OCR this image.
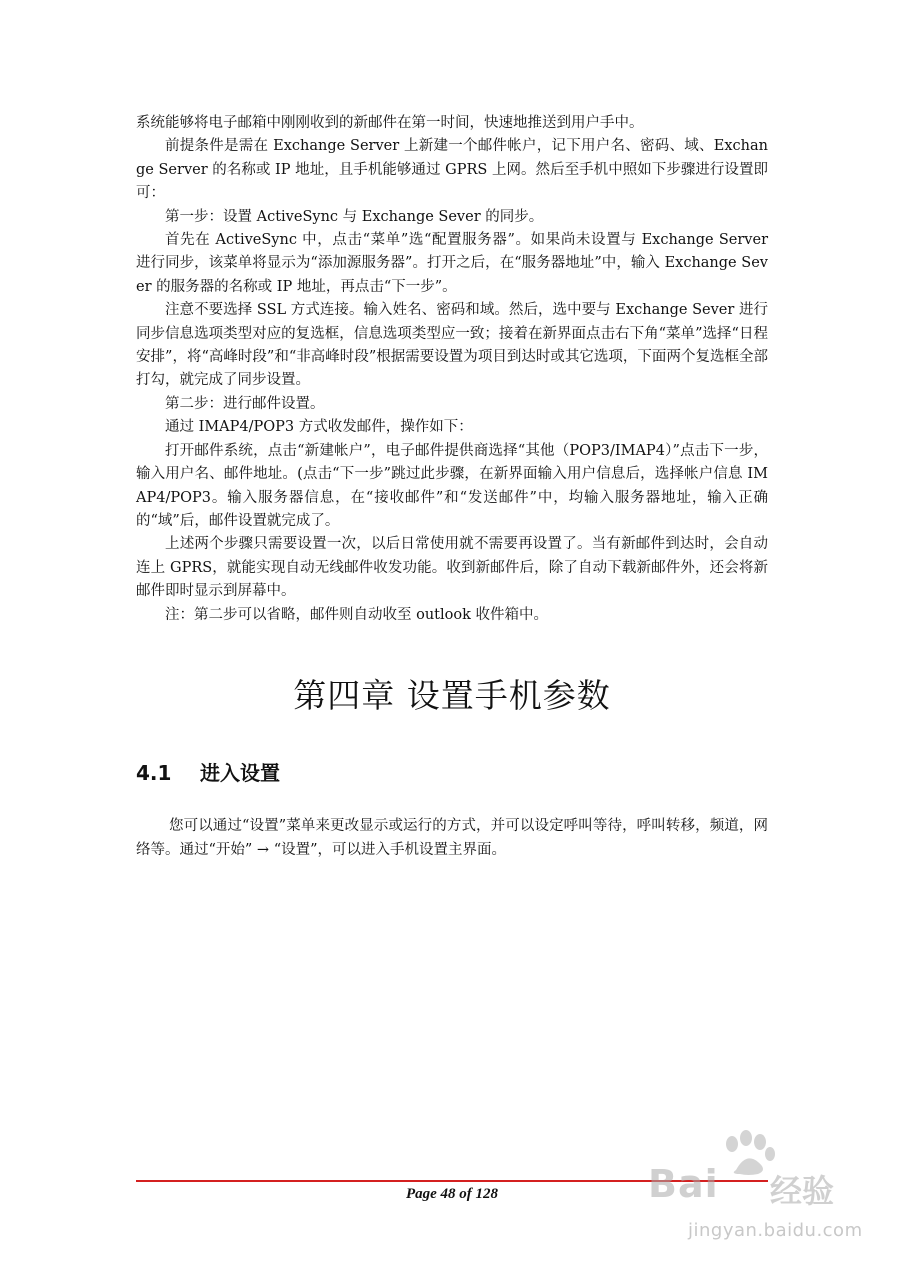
系统能够将电子邮箱中刚刚收到的新邮件在第一时间，快速地推送到用户手中。

前提条件是需在 Exchange Server 上新建一个邮件帐户，记下用户名、密码、域、Exchange Server 的名称或 IP 地址，且手机能够通过 GPRS 上网。然后至手机中照如下步骤进行设置即可：

第一步：设置 ActiveSync 与 Exchange Sever 的同步。

首先在 ActiveSync 中，点击“菜单”选“配置服务器”。如果尚未设置与 Exchange Server 进行同步，该菜单将显示为“添加源服务器”。打开之后，在“服务器地址”中，输入 Exchange Sever 的服务器的名称或 IP 地址，再点击“下一步”。

注意不要选择 SSL 方式连接。输入姓名、密码和域。然后，选中要与 Exchange Sever 进行同步信息选项类型对应的复选框，信息选项类型应一致；接着在新界面点击右下角“菜单”选择“日程安排”，将“高峰时段”和“非高峰时段”根据需要设置为项目到达时或其它选项，下面两个复选框全部打勾，就完成了同步设置。

第二步：进行邮件设置。

通过 IMAP4/POP3 方式收发邮件，操作如下：

打开邮件系统，点击“新建帐户”，电子邮件提供商选择“其他（POP3/IMAP4）”点击下一步，输入用户名、邮件地址。(点击“下一步”跳过此步骤，在新界面输入用户信息后，选择帐户信息 IMAP4/POP3。输入服务器信息，在“接收邮件”和“发送邮件”中，均输入服务器地址，输入正确的“域”后，邮件设置就完成了。

上述两个步骤只需要设置一次，以后日常使用就不需要再设置了。当有新邮件到达时，会自动连上 GPRS，就能实现自动无线邮件收发功能。收到新邮件后，除了自动下载新邮件外，还会将新邮件即时显示到屏幕中。

注：第二步可以省略，邮件则自动收至 outlook 收件箱中。

第四章 设置手机参数
4.1 进入设置

您可以通过“设置”菜单来更改显示或运行的方式，并可以设定呼叫等待，呼叫转移，频道，网络等。通过“开始” → “设置”，可以进入手机设置主界面。

Page 48 of 128	Bai 经验
jingyan.baidu.com
